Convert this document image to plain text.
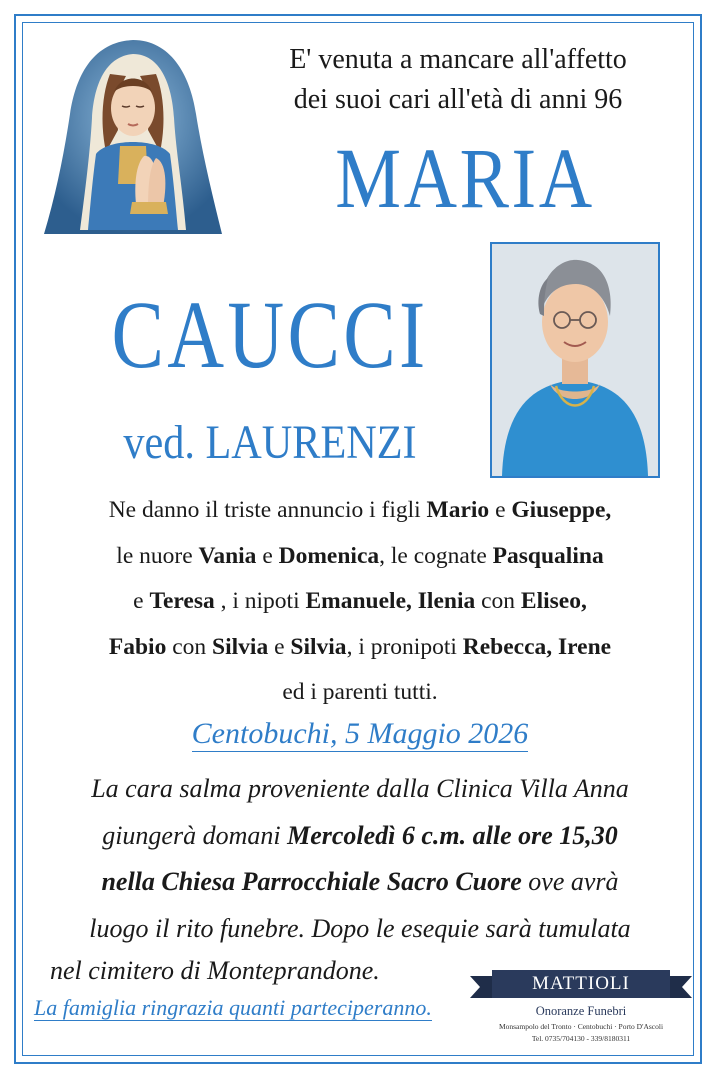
E' venuta a mancare all'affetto
dei suoi cari all'età di anni 96
MARIA
CAUCCI
ved. LAURENZI
Ne danno il triste annuncio i figli Mario e Giuseppe,
le nuore Vania e Domenica, le cognate Pasqualina
e Teresa , i nipoti Emanuele, Ilenia con Eliseo,
Fabio con Silvia e Silvia, i pronipoti Rebecca, Irene
ed i parenti tutti.
Centobuchi, 5 Maggio 2026
La cara salma proveniente dalla Clinica Villa Anna
giungerà domani Mercoledì 6 c.m. alle ore 15,30
nella Chiesa Parrocchiale Sacro Cuore ove avrà
luogo il rito funebre. Dopo le esequie sarà tumulata
nel cimitero di Monteprandone.
La famiglia ringrazia quanti parteciperanno.
MATTIOLI
Onoranze Funebri
Monsampolo del Tronto · Centobuchi · Porto D'Ascoli
Tel. 0735/704130 - 339/8180311
